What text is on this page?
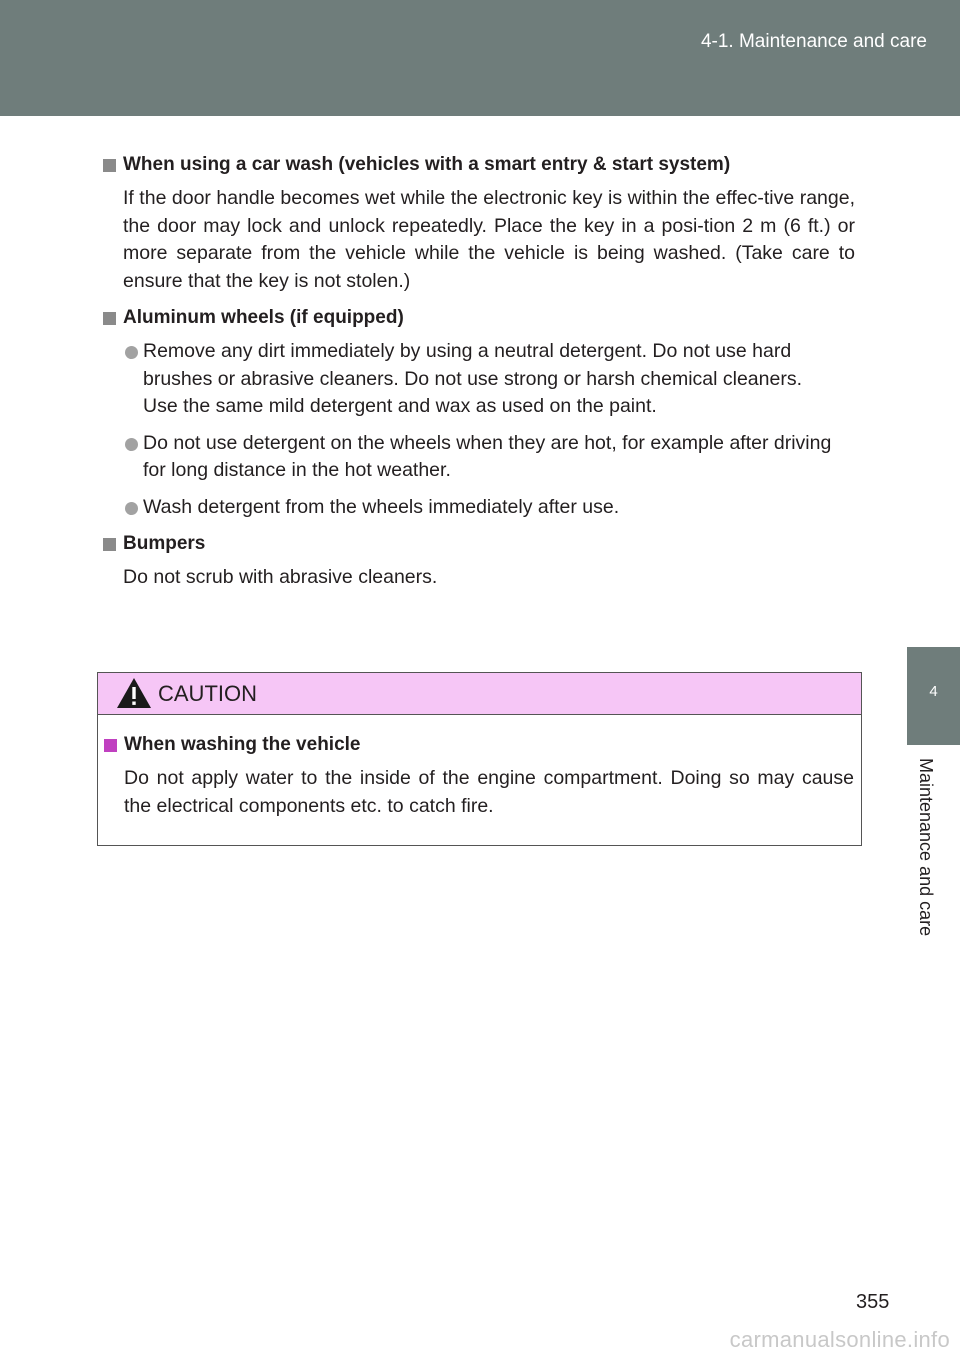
4-1. Maintenance and care
4
Maintenance and care
When using a car wash (vehicles with a smart entry & start system)

If the door handle becomes wet while the electronic key is within the effec-tive range, the door may lock and unlock repeatedly. Place the key in a posi-tion 2 m (6 ft.) or more separate from the vehicle while the vehicle is being washed. (Take care to ensure that the key is not stolen.)

Aluminum wheels (if equipped)
Remove any dirt immediately by using a neutral detergent. Do not use hard brushes or abrasive cleaners. Do not use strong or harsh chemical cleaners.
Use the same mild detergent and wax as used on the paint.
Do not use detergent on the wheels when they are hot, for example after driving for long distance in the hot weather.
Wash detergent from the wheels immediately after use.
Bumpers

Do not scrub with abrasive cleaners.

CAUTION
When washing the vehicle

Do not apply water to the inside of the engine compartment. Doing so may cause the electrical components etc. to catch fire.

355
carmanualsonline.info
